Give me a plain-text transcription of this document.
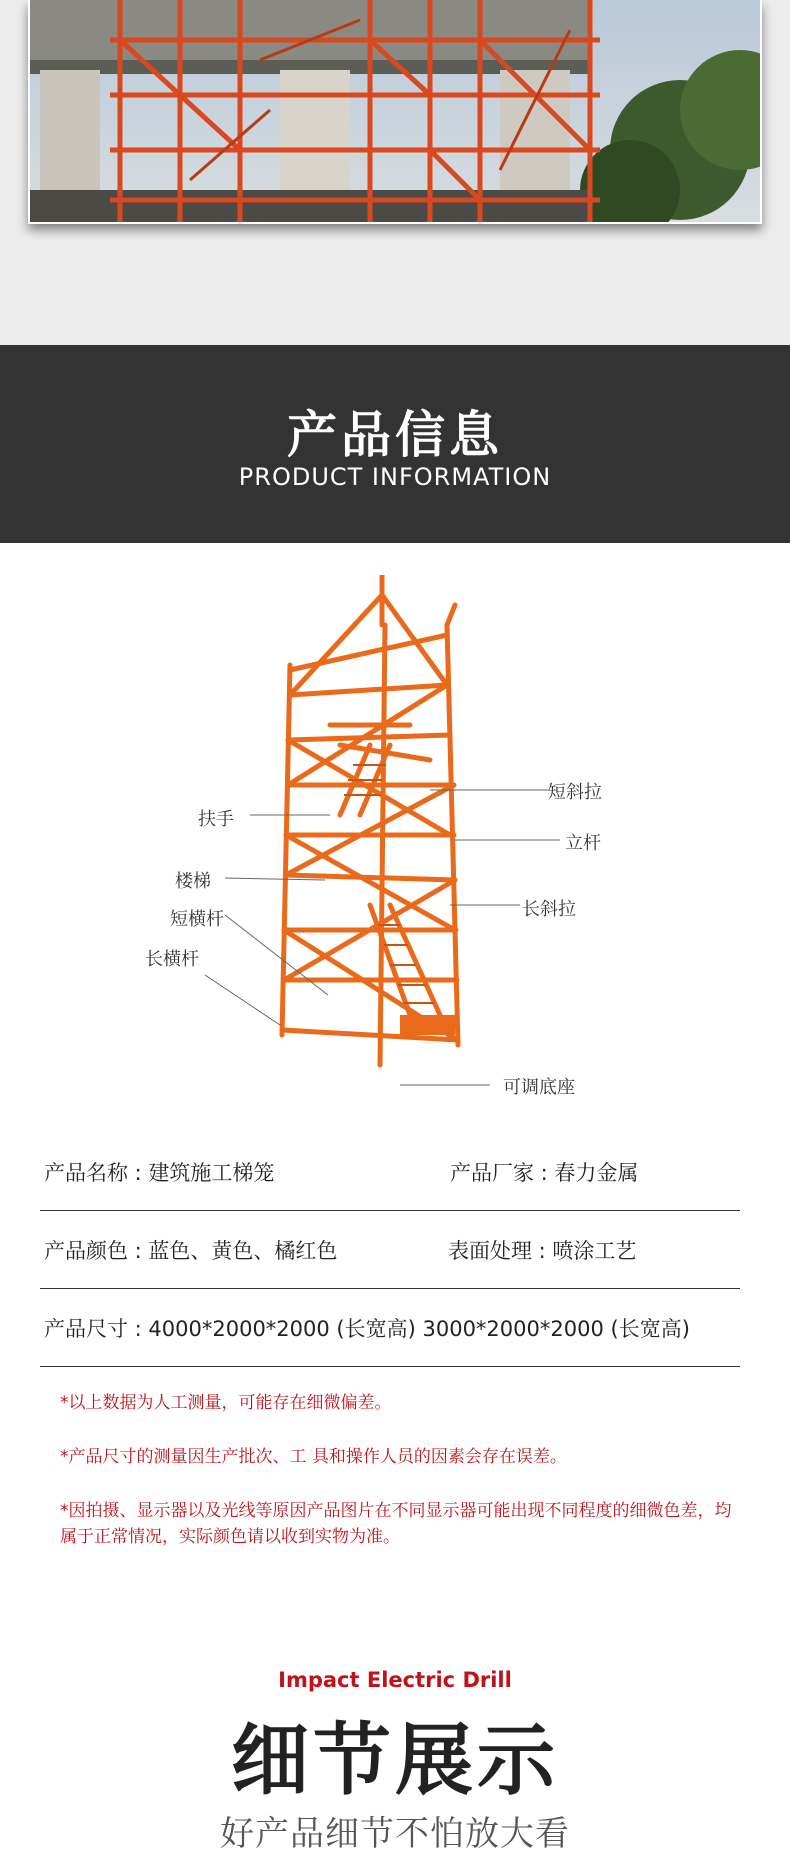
产品信息
PRODUCT INFORMATION
短斜拉
扶手
立杆
楼梯
长斜拉
短横杆
长横杆
可调底座
产品名称 : 建筑施工梯笼	产品厂家 : 春力金属
产品颜色 : 蓝色、黄色、橘红色	表面处理 : 喷涂工艺
产品尺寸 : 4000*2000*2000 (长宽高) 3000*2000*2000 (长宽高)
*以上数据为人工测量，可能存在细微偏差。
*产品尺寸的测量因生产批次、工 具和操作人员的因素会存在误差。
*因拍摄、显示器以及光线等原因产品图片在不同显示器可能出现不同程度的细微色差，均属于正常情况，实际颜色请以收到实物为准。
Impact Electric Drill
细节展示
好产品细节不怕放大看
